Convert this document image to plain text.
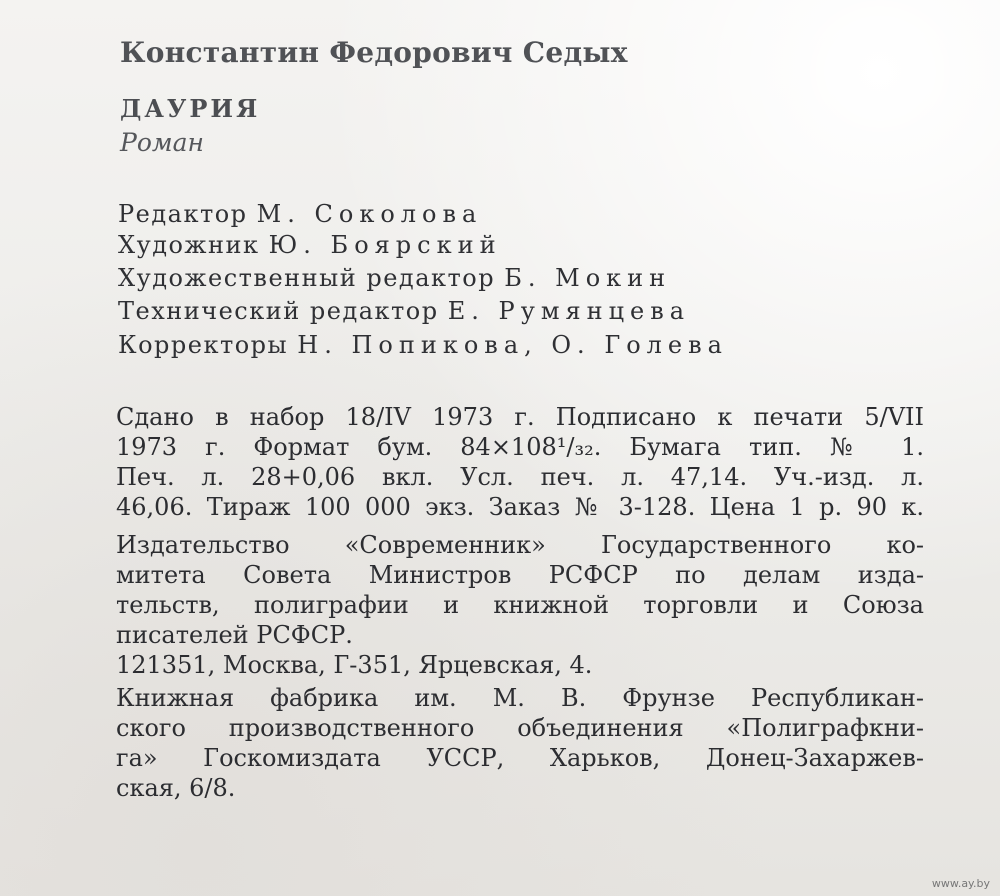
Константин Федорович Седых

ДАУРИЯ

Роман

Редактор М. Соколова

Художник Ю. Боярский

Художественный редактор Б. Мокин

Технический редактор Е. Румянцева

Корректоры Н. Попикова, О. Голева

Сдано в набор 18/IV 1973 г. Подписано к печати 5/VII
1973 г. Формат бум. 84×108¹/₃₂. Бумага тип. № 1.
Печ. л. 28+0,06 вкл. Усл. печ. л. 47,14. Уч.-изд. л.
46,06. Тираж 100 000 экз. Заказ № 3-128. Цена 1 р. 90 к.
Издательство «Современник» Государственного ко-
митета Совета Министров РСФСР по делам изда-
тельств, полиграфии и книжной торговли и Союза
писателей РСФСР.
121351, Москва, Г-351, Ярцевская, 4.
Книжная фабрика им. М. В. Фрунзе Республикан-
ского производственного объединения «Полиграфкни-
га» Госкомиздата УССР, Харьков, Донец-Захаржев-
ская, 6/8.
www.ay.by
